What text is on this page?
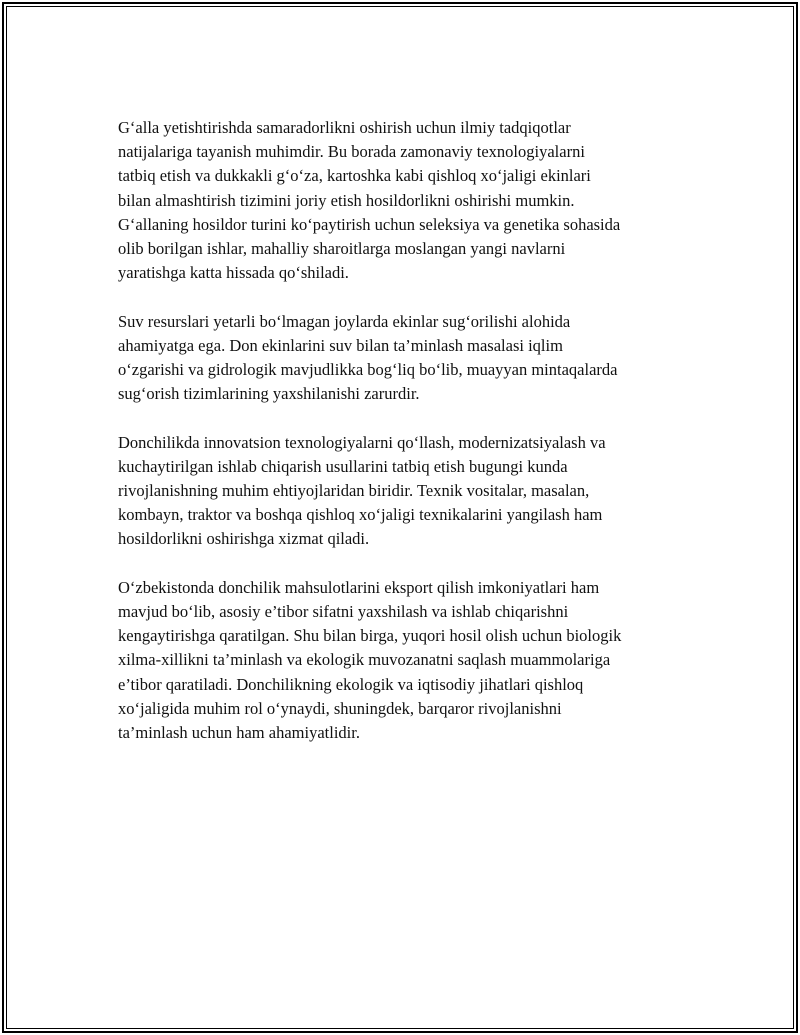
G‘alla yetishtirishda samaradorlikni oshirish uchun ilmiy tadqiqotlar
natijalariga tayanish muhimdir. Bu borada zamonaviy texnologiyalarni
tatbiq etish va dukkakli g‘o‘za, kartoshka kabi qishloq xo‘jaligi ekinlari
bilan almashtirish tizimini joriy etish hosildorlikni oshirishi mumkin.
G‘allaning hosildor turini ko‘paytirish uchun seleksiya va genetika sohasida
olib borilgan ishlar, mahalliy sharoitlarga moslangan yangi navlarni
yaratishga katta hissada qo‘shiladi.

Suv resurslari yetarli bo‘lmagan joylarda ekinlar sug‘orilishi alohida
ahamiyatga ega. Don ekinlarini suv bilan ta’minlash masalasi iqlim
o‘zgarishi va gidrologik mavjudlikka bog‘liq bo‘lib, muayyan mintaqalarda
sug‘orish tizimlarining yaxshilanishi zarurdir.

Donchilikda innovatsion texnologiyalarni qo‘llash, modernizatsiyalash va
kuchaytirilgan ishlab chiqarish usullarini tatbiq etish bugungi kunda
rivojlanishning muhim ehtiyojlaridan biridir. Texnik vositalar, masalan,
kombayn, traktor va boshqa qishloq xo‘jaligi texnikalarini yangilash ham
hosildorlikni oshirishga xizmat qiladi.

O‘zbekistonda donchilik mahsulotlarini eksport qilish imkoniyatlari ham
mavjud bo‘lib, asosiy e’tibor sifatni yaxshilash va ishlab chiqarishni
kengaytirishga qaratilgan. Shu bilan birga, yuqori hosil olish uchun biologik
xilma-xillikni ta’minlash va ekologik muvozanatni saqlash muammolariga
e’tibor qaratiladi. Donchilikning ekologik va iqtisodiy jihatlari qishloq
xo‘jaligida muhim rol o‘ynaydi, shuningdek, barqaror rivojlanishni
ta’minlash uchun ham ahamiyatlidir.
